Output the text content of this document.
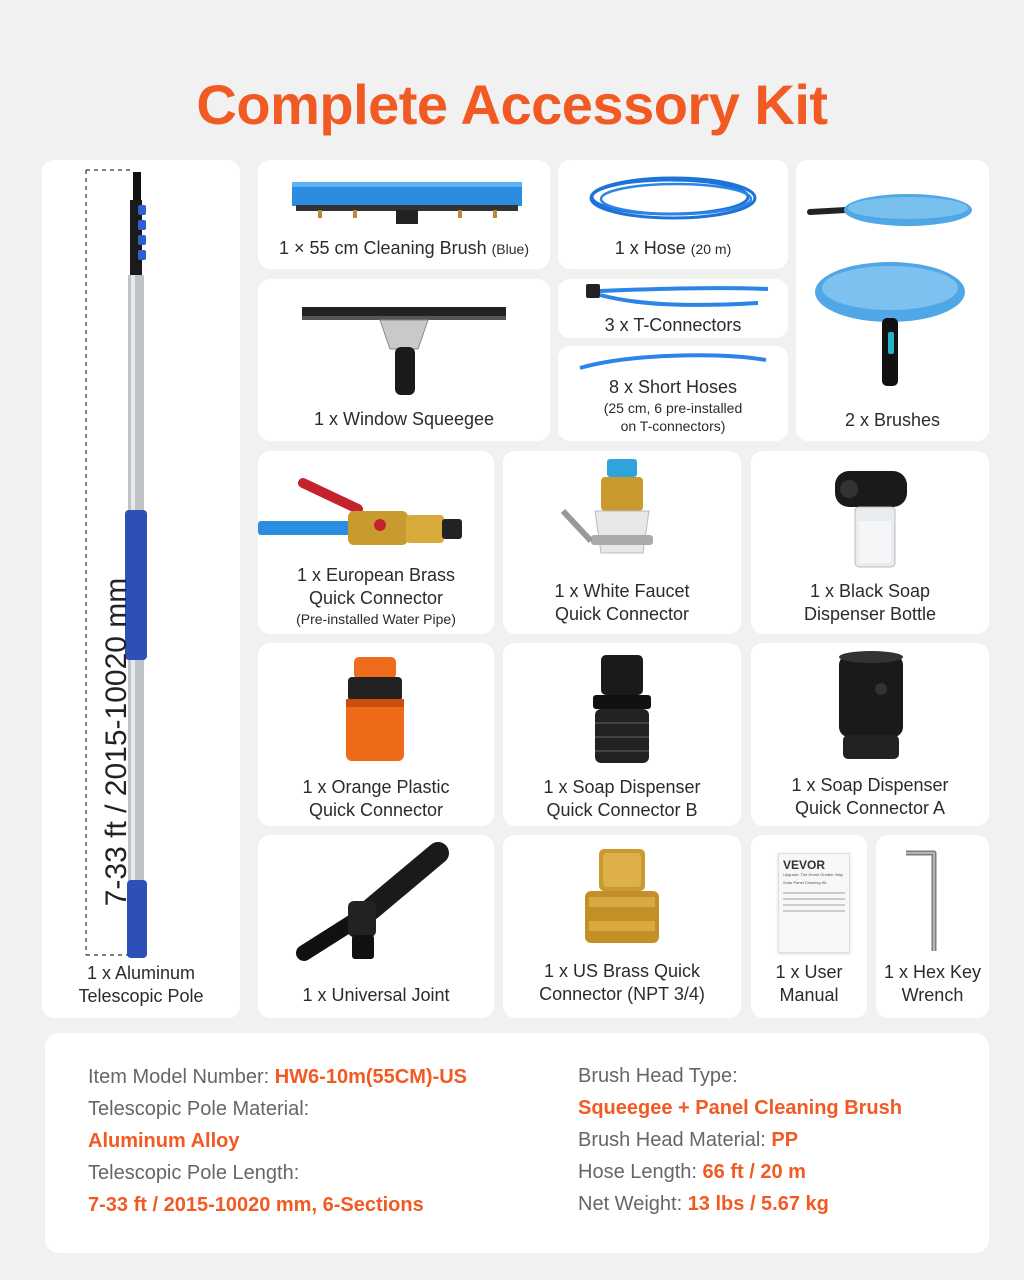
Complete Accessory Kit
7-33 ft / 2015-10020 mm
1 x Aluminum
Telescopic Pole
1 × 55 cm Cleaning Brush (Blue)	1 x Hose (20 m)
2 x Brushes
3 x T-Connectors
8 x Short Hoses
(25 cm, 6 pre-installed
on T-connectors)
1 x Window Squeegee
1 x European Brass
Quick Connector
(Pre-installed Water Pipe)
1 x White Faucet
Quick Connector
1 x Black Soap
Dispenser Bottle
1 x Orange Plastic
Quick Connector
1 x Soap Dispenser
Quick Connector B
1 x Soap Dispenser
Quick Connector A
1 x Universal Joint
1 x US Brass Quick
Connector (NPT 3/4)
VEVOR
Upgrade: The Home Greater Way
Solar Panel Cleaning Kit
1 x User
Manual
1 x Hex Key
Wrench
Item Model Number: HW6-10m(55CM)-US
Telescopic Pole Material:
Aluminum Alloy
Telescopic Pole Length:
7-33 ft / 2015-10020 mm, 6-Sections
Brush Head Type:
Squeegee + Panel Cleaning Brush
Brush Head Material: PP
Hose Length: 66 ft / 20 m
Net Weight: 13 lbs / 5.67 kg
